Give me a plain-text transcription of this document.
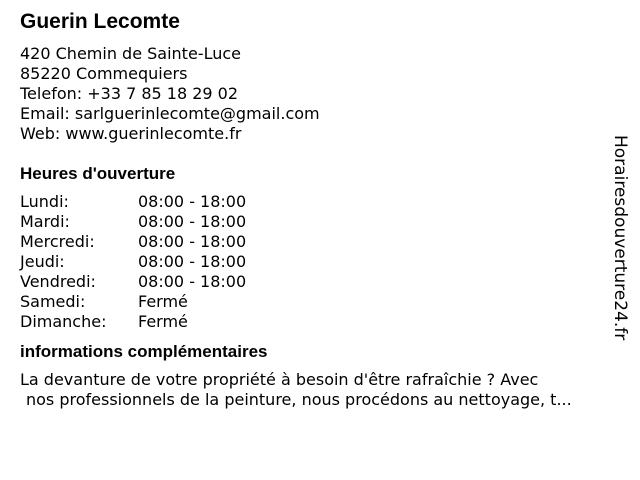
Guerin Lecomte
420 Chemin de Sainte-Luce
85220 Commequiers
Telefon: +33 7 85 18 29 02
Email: sarlguerinlecomte@gmail.com
Web: www.guerinlecomte.fr
Heures d'ouverture
Lundi:	08:00 - 18:00
Mardi:	08:00 - 18:00
Mercredi:	08:00 - 18:00
Jeudi:	08:00 - 18:00
Vendredi:	08:00 - 18:00
Samedi:	Fermé
Dimanche:	Fermé
informations complémentaires
La devanture de votre propriété à besoin d'être rafraîchie ? Avec
nos professionnels de la peinture, nous procédons au nettoyage, t...
Horairesdouverture24.fr
